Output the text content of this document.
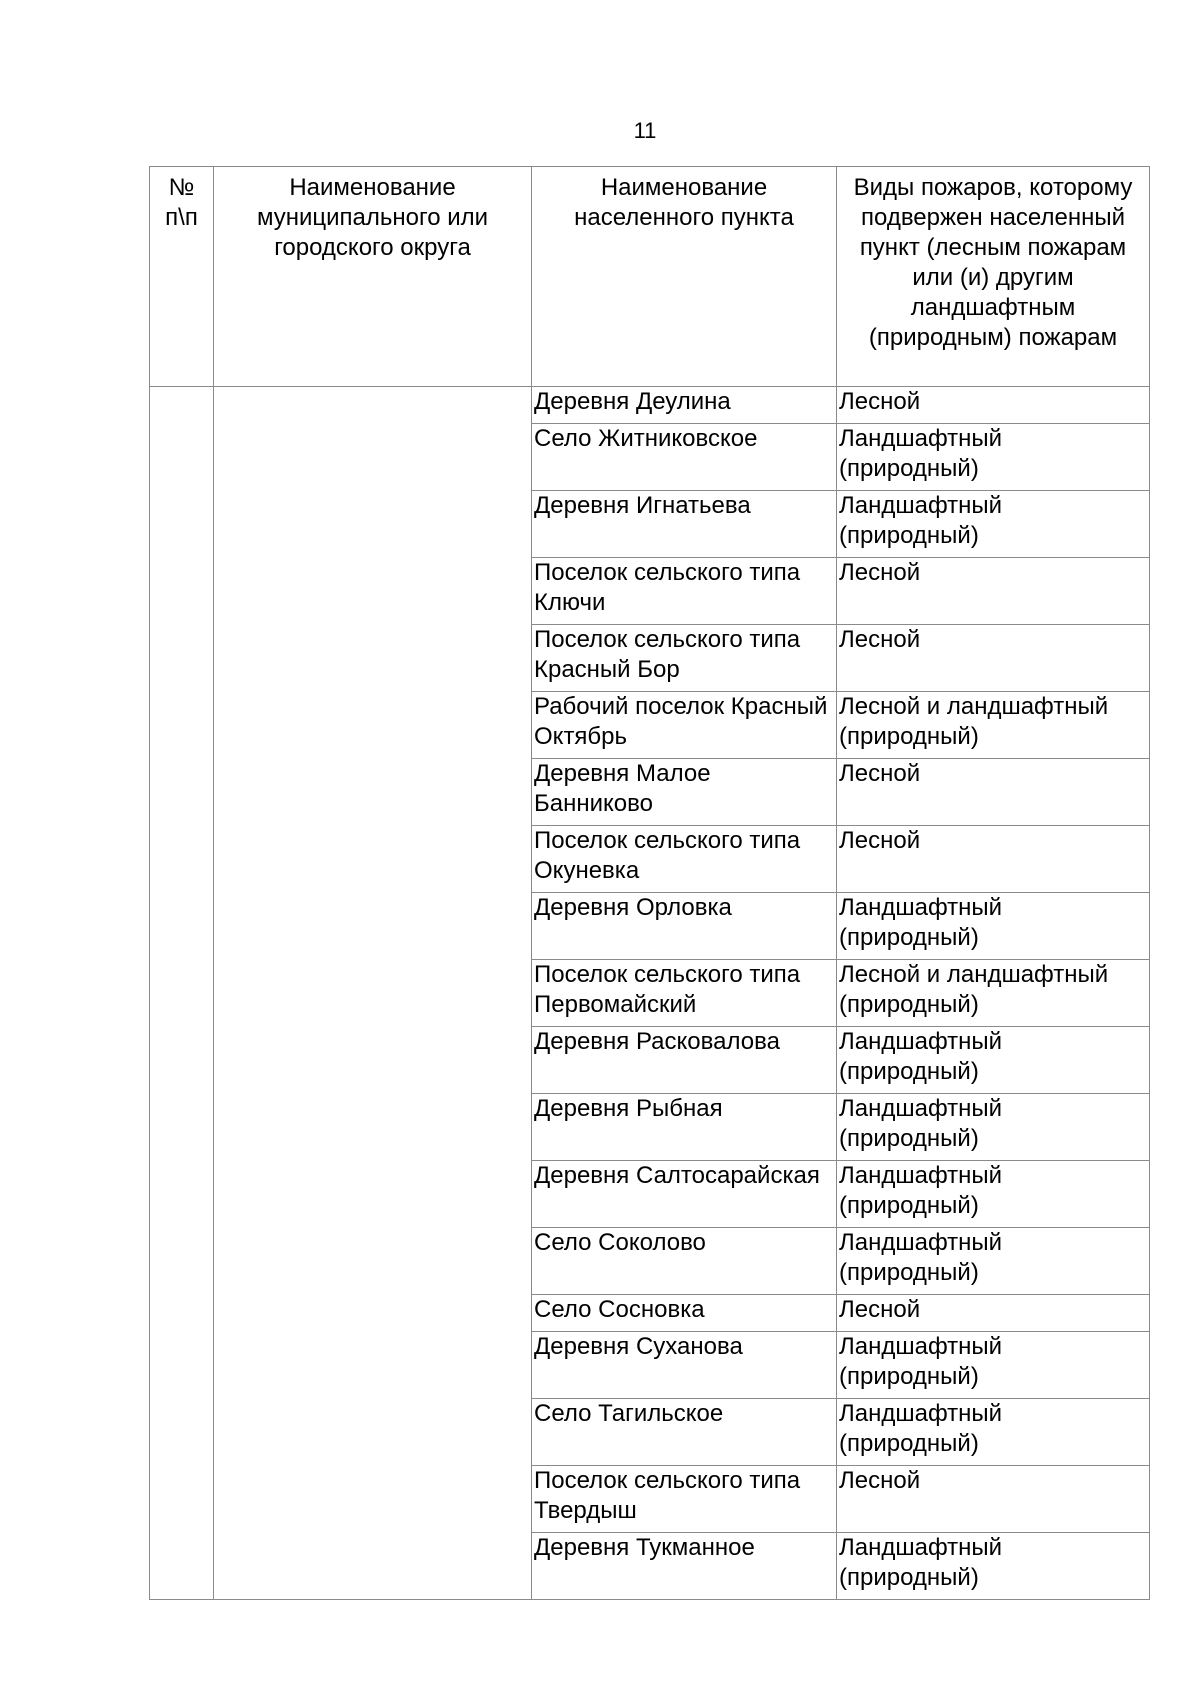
11
№ п\п	Наименование муниципального или городского округа	Наименование населенного пункта	Виды пожаров, которому подвержен населенный пункт (лесным пожарам или (и) другим ландшафтным (природным) пожарам
		Деревня Деулина	Лесной
		Село Житниковское	Ландшафтный (природный)
		Деревня Игнатьева	Ландшафтный (природный)
		Поселок сельского типа Ключи	Лесной
		Поселок сельского типа Красный Бор	Лесной
		Рабочий поселок Красный Октябрь	Лесной и ландшафтный (природный)
		Деревня Малое Банниково	Лесной
		Поселок сельского типа Окуневка	Лесной
		Деревня Орловка	Ландшафтный (природный)
		Поселок сельского типа Первомайский	Лесной и ландшафтный (природный)
		Деревня Расковалова	Ландшафтный (природный)
		Деревня Рыбная	Ландшафтный (природный)
		Деревня Салтосарайская	Ландшафтный (природный)
		Село Соколово	Ландшафтный (природный)
		Село Сосновка	Лесной
		Деревня Суханова	Ландшафтный (природный)
		Село Тагильское	Ландшафтный (природный)
		Поселок сельского типа Твердыш	Лесной
		Деревня Тукманное	Ландшафтный (природный)
